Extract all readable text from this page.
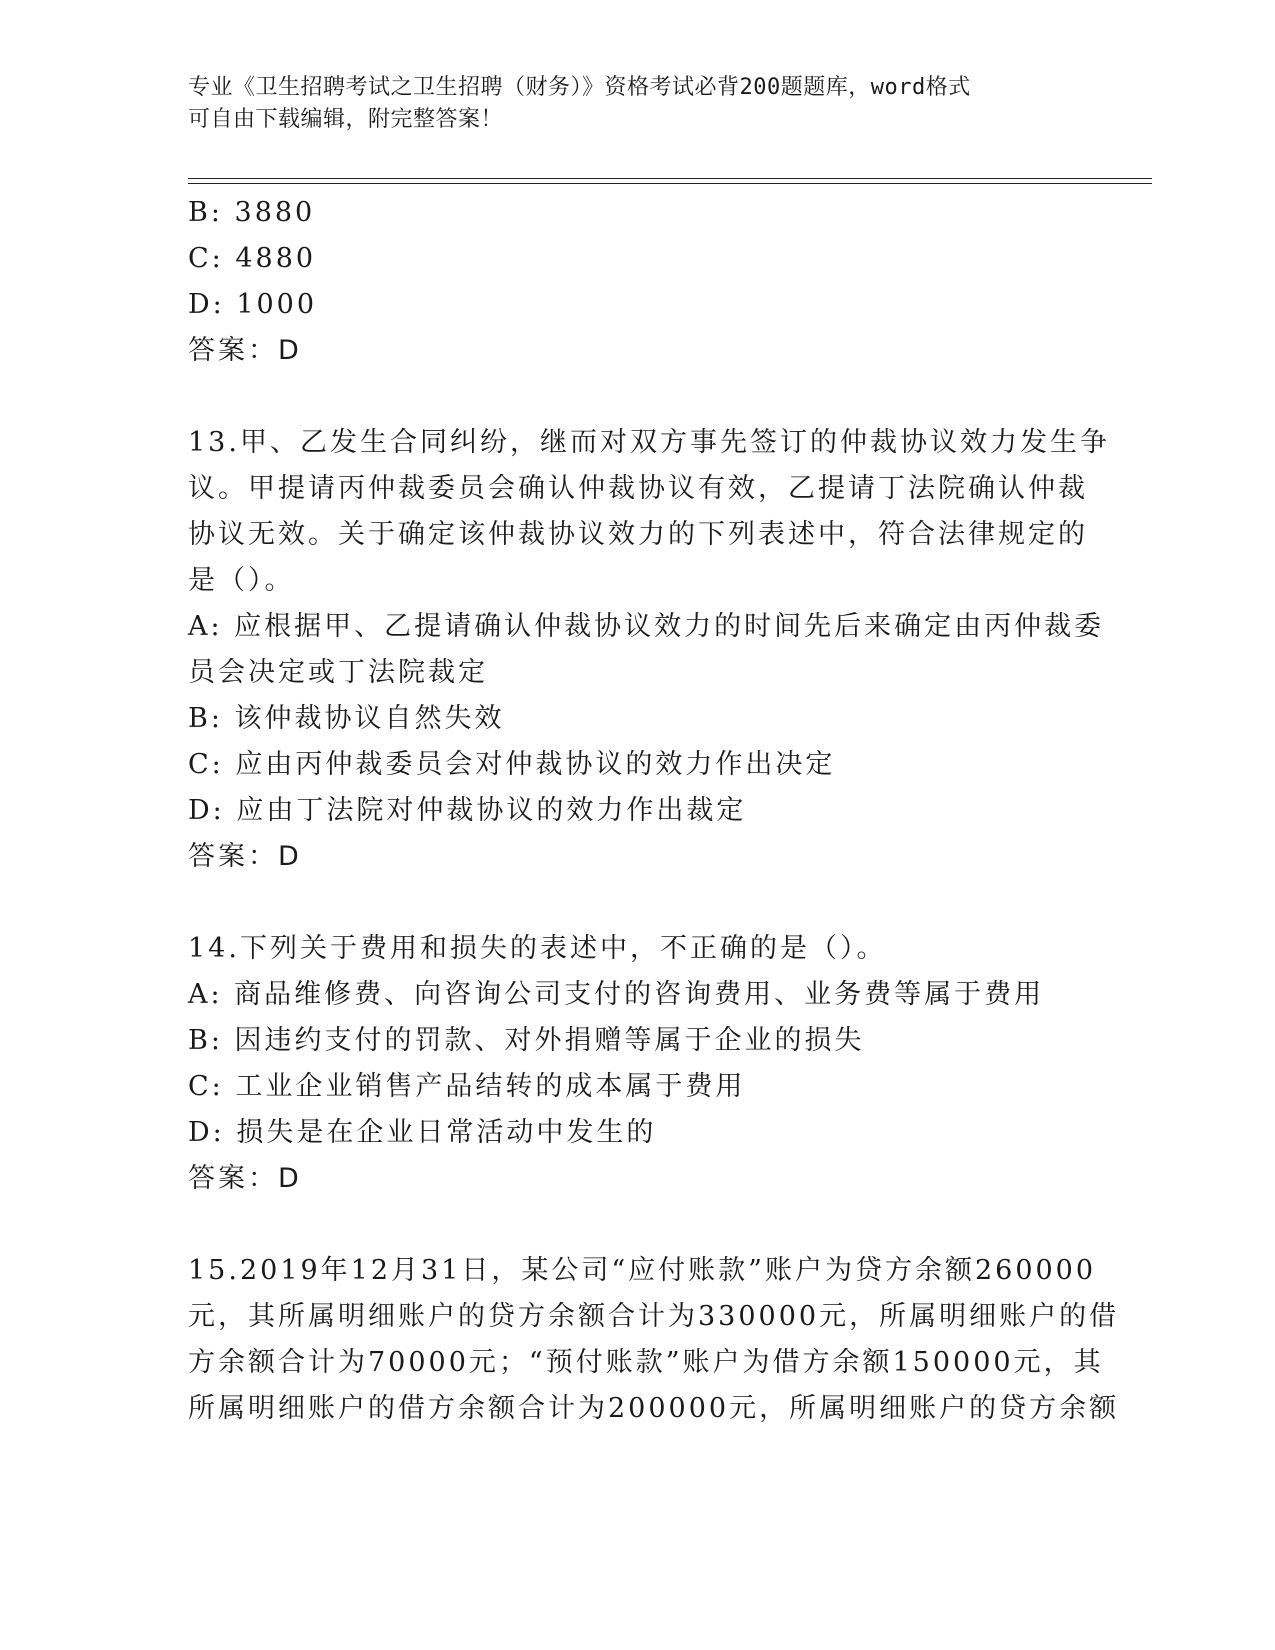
专业《卫生招聘考试之卫生招聘（财务）》资格考试必背200题题库，word格式
可自由下载编辑，附完整答案！
B: 3880
C: 4880
D: 1000
答案：D
13.甲、乙发生合同纠纷，继而对双方事先签订的仲裁协议效力发生争
议。甲提请丙仲裁委员会确认仲裁协议有效，乙提请丁法院确认仲裁
协议无效。关于确定该仲裁协议效力的下列表述中，符合法律规定的
是（）。
A: 应根据甲、乙提请确认仲裁协议效力的时间先后来确定由丙仲裁委
员会决定或丁法院裁定
B: 该仲裁协议自然失效
C: 应由丙仲裁委员会对仲裁协议的效力作出决定
D: 应由丁法院对仲裁协议的效力作出裁定
答案：D
14.下列关于费用和损失的表述中，不正确的是（）。
A: 商品维修费、向咨询公司支付的咨询费用、业务费等属于费用
B: 因违约支付的罚款、对外捐赠等属于企业的损失
C: 工业企业销售产品结转的成本属于费用
D: 损失是在企业日常活动中发生的
答案：D
15.2019年12月31日，某公司“应付账款”账户为贷方余额260000
元，其所属明细账户的贷方余额合计为330000元，所属明细账户的借
方余额合计为70000元；“预付账款”账户为借方余额150000元，其
所属明细账户的借方余额合计为200000元，所属明细账户的贷方余额
